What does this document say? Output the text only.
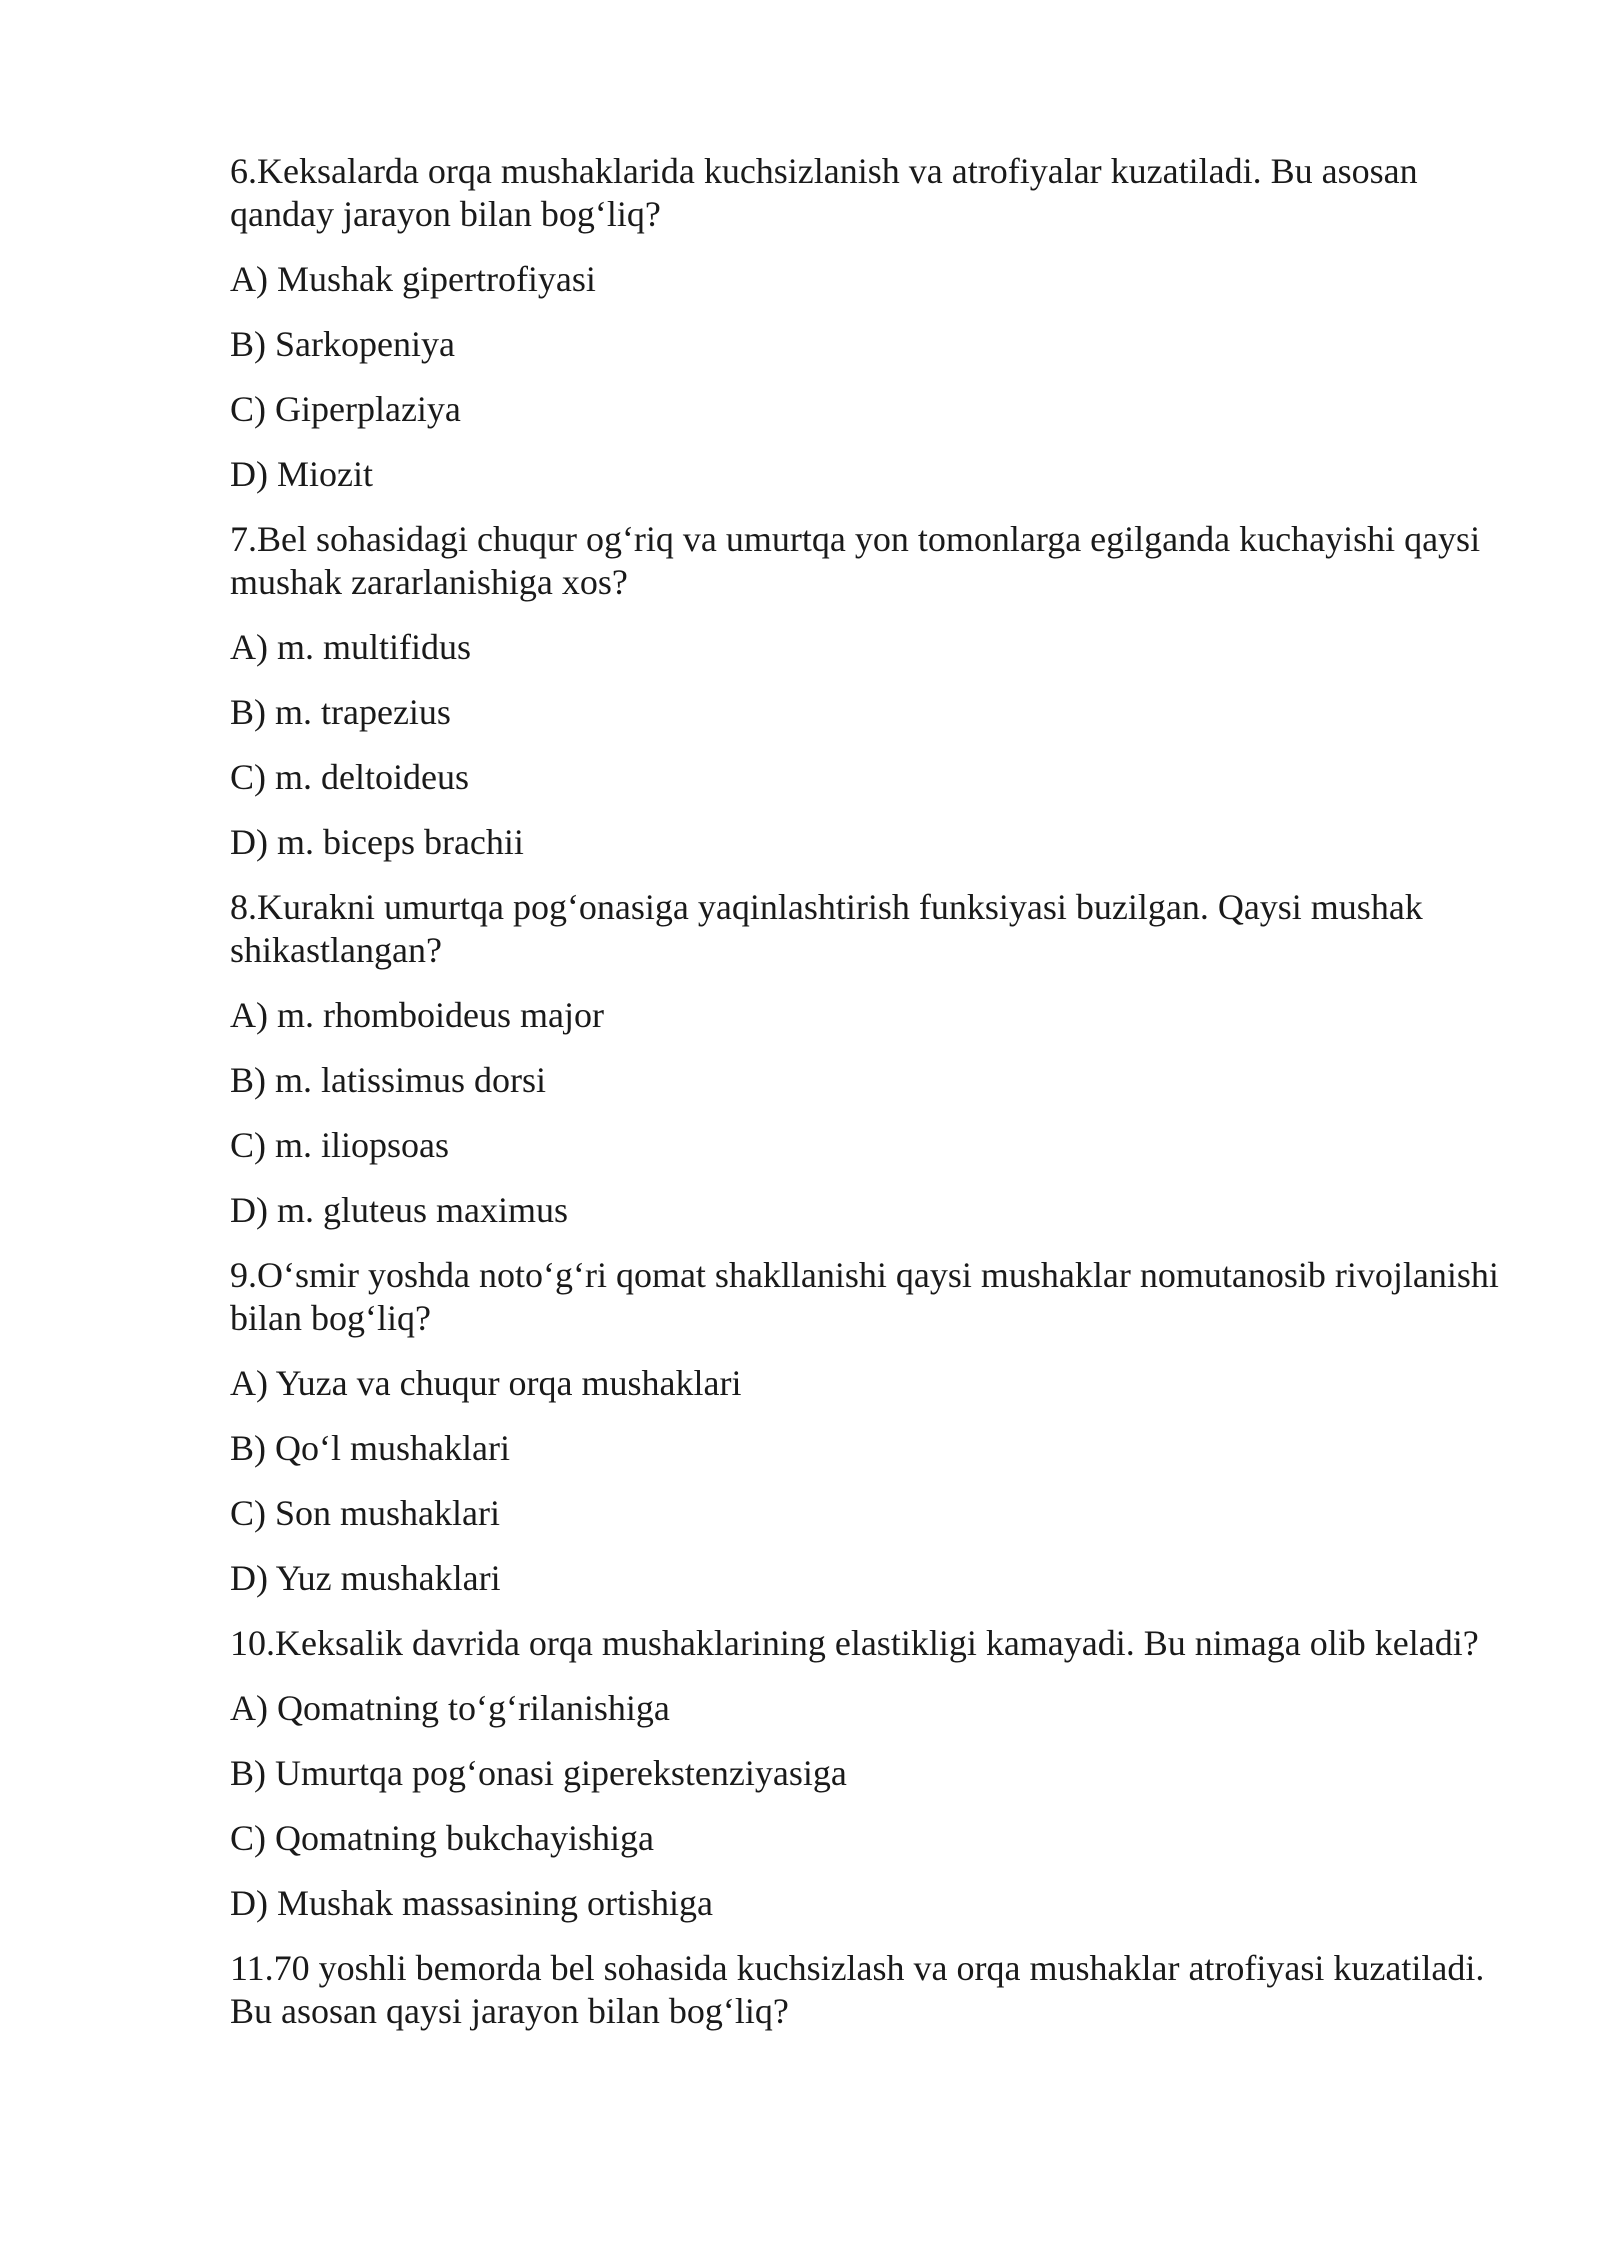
6.Keksalarda orqa mushaklarida kuchsizlanish va atrofiyalar kuzatiladi. Bu asosan qanday jarayon bilan bog‘liq?

A) Mushak gipertrofiyasi

B) Sarkopeniya

C) Giperplaziya

D) Miozit

7.Bel sohasidagi chuqur og‘riq va umurtqa yon tomonlarga egilganda kuchayishi qaysi mushak zararlanishiga xos?

A) m. multifidus

B) m. trapezius

C) m. deltoideus

D) m. biceps brachii

8.Kurakni umurtqa pog‘onasiga yaqinlashtirish funksiyasi buzilgan. Qaysi mushak shikastlangan?

A) m. rhomboideus major

B) m. latissimus dorsi

C) m. iliopsoas

D) m. gluteus maximus

9.O‘smir yoshda noto‘g‘ri qomat shakllanishi qaysi mushaklar nomutanosib rivojlanishi bilan bog‘liq?

A) Yuza va chuqur orqa mushaklari

B) Qo‘l mushaklari

C) Son mushaklari

D) Yuz mushaklari

10.Keksalik davrida orqa mushaklarining elastikligi kamayadi. Bu nimaga olib keladi?

A) Qomatning to‘g‘rilanishiga

B) Umurtqa pog‘onasi giperekstenziyasiga

C) Qomatning bukchayishiga

D) Mushak massasining ortishiga

11.70 yoshli bemorda bel sohasida kuchsizlash va orqa mushaklar atrofiyasi kuzatiladi. Bu asosan qaysi jarayon bilan bog‘liq?
